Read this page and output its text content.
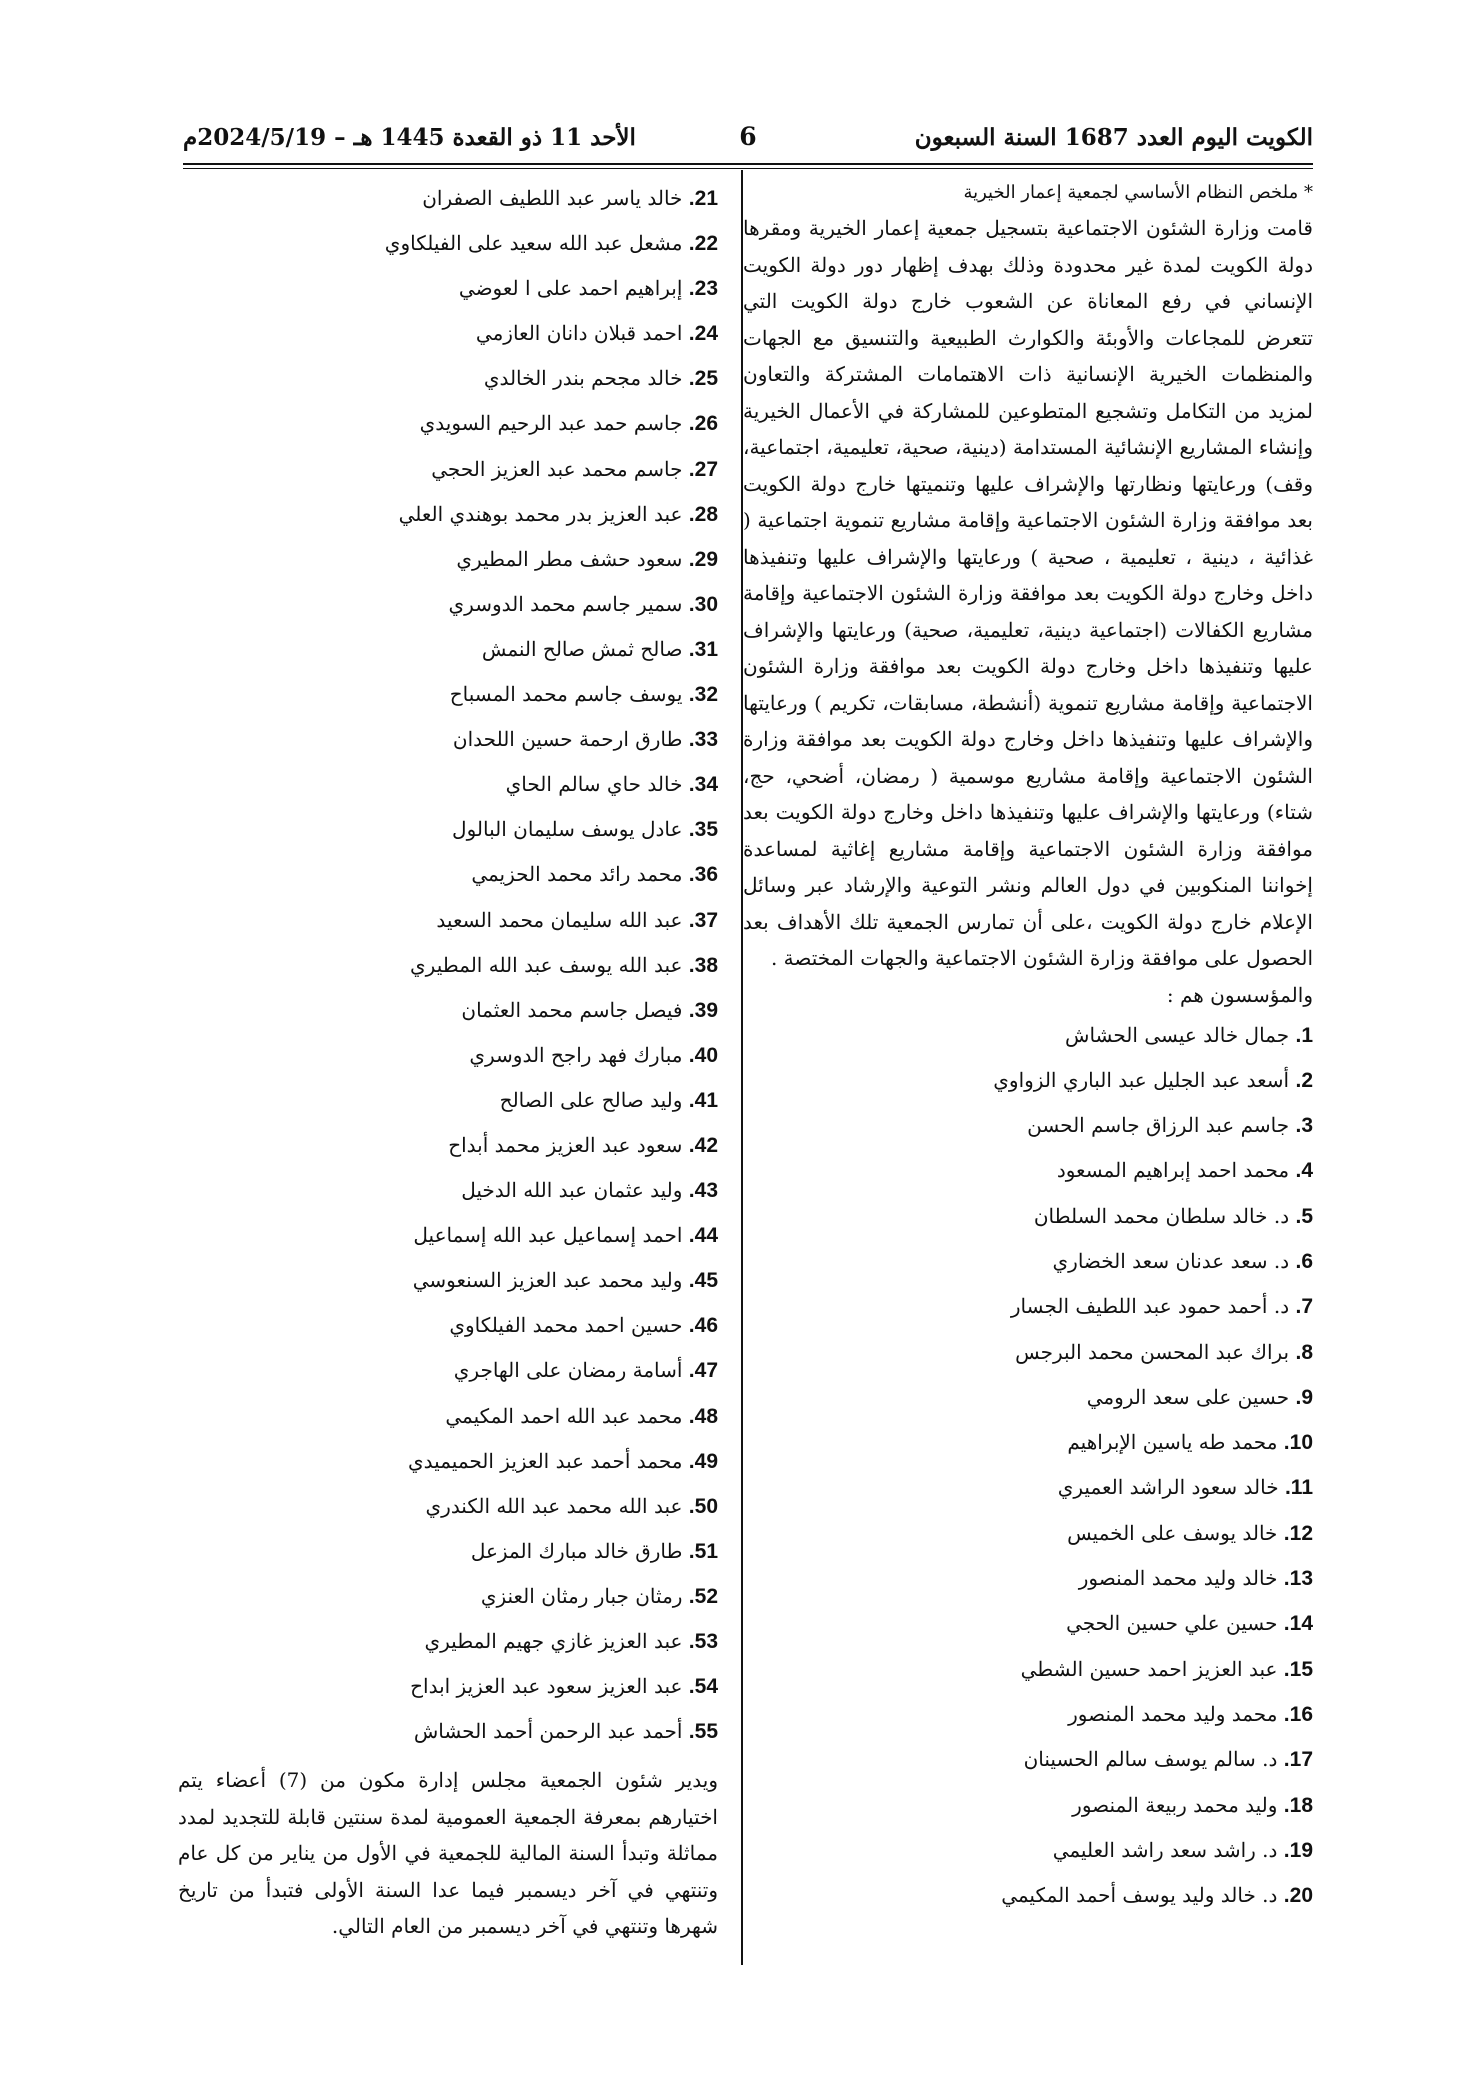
الكويت اليوم العدد 1687 السنة السبعون
6
الأحد 11 ذو القعدة 1445 هـ – 2024/5/19م

* ملخص النظام الأساسي لجمعية إعمار الخيرية

قامت وزارة الشئون الاجتماعية بتسجيل جمعية إعمار الخيرية ومقرها دولة الكويت لمدة غير محدودة وذلك بهدف إظهار دور دولة الكويت الإنساني في رفع المعاناة عن الشعوب خارج دولة الكويت التي تتعرض للمجاعات والأوبئة والكوارث الطبيعية والتنسيق مع الجهات والمنظمات الخيرية الإنسانية ذات الاهتمامات المشتركة والتعاون لمزيد من التكامل وتشجيع المتطوعين للمشاركة في الأعمال الخيرية وإنشاء المشاريع الإنشائية المستدامة (دينية، صحية، تعليمية، اجتماعية، وقف) ورعايتها ونظارتها والإشراف عليها وتنميتها خارج دولة الكويت بعد موافقة وزارة الشئون الاجتماعية وإقامة مشاريع تنموية اجتماعية ( غذائية ، دينية ، تعليمية ، صحية ) ورعايتها والإشراف عليها وتنفيذها داخل وخارج دولة الكويت بعد موافقة وزارة الشئون الاجتماعية وإقامة مشاريع الكفالات (اجتماعية دينية، تعليمية، صحية) ورعايتها والإشراف عليها وتنفيذها داخل وخارج دولة الكويت بعد موافقة وزارة الشئون الاجتماعية وإقامة مشاريع تنموية (أنشطة، مسابقات، تكريم ) ورعايتها والإشراف عليها وتنفيذها داخل وخارج دولة الكويت بعد موافقة وزارة الشئون الاجتماعية وإقامة مشاريع موسمية ( رمضان، أضحي، حج، شتاء) ورعايتها والإشراف عليها وتنفيذها داخل وخارج دولة الكويت بعد موافقة وزارة الشئون الاجتماعية وإقامة مشاريع إغاثية لمساعدة إخواننا المنكوبين في دول العالم ونشر التوعية والإرشاد عبر وسائل الإعلام خارج دولة الكويت ،على أن تمارس الجمعية تلك الأهداف بعد الحصول على موافقة وزارة الشئون الاجتماعية والجهات المختصة .

والمؤسسون هم :

1. جمال خالد عيسى الحشاش
2. أسعد عبد الجليل عبد الباري الزواوي
3. جاسم عبد الرزاق جاسم الحسن
4. محمد احمد إبراهيم المسعود
5. د. خالد سلطان محمد السلطان
6. د. سعد عدنان سعد الخضاري
7. د. أحمد حمود عبد اللطيف الجسار
8. براك عبد المحسن محمد البرجس
9. حسين على سعد الرومي
10. محمد طه ياسين الإبراهيم
11. خالد سعود الراشد العميري
12. خالد يوسف على الخميس
13. خالد وليد محمد المنصور
14. حسين علي حسين الحجي
15. عبد العزيز احمد حسين الشطي
16. محمد وليد محمد المنصور
17. د. سالم يوسف سالم الحسينان
18. وليد محمد ربيعة المنصور
19. د. راشد سعد راشد العليمي
20. د. خالد وليد يوسف أحمد المكيمي
21. خالد ياسر عبد اللطيف الصفران
22. مشعل عبد الله سعيد على الفيلكاوي
23. إبراهيم احمد على ا لعوضي
24. احمد قبلان دانان العازمي
25. خالد مجحم بندر الخالدي
26. جاسم حمد عبد الرحيم السويدي
27. جاسم محمد عبد العزيز الحجي
28. عبد العزيز بدر محمد بوهندي العلي
29. سعود حشف مطر المطيري
30. سمير جاسم محمد الدوسري
31. صالح ثمش صالح النمش
32. يوسف جاسم محمد المسباح
33. طارق ارحمة حسين اللحدان
34. خالد حاي سالم الحاي
35. عادل يوسف سليمان البالول
36. محمد رائد محمد الحزيمي
37. عبد الله سليمان محمد السعيد
38. عبد الله يوسف عبد الله المطيري
39. فيصل جاسم محمد العثمان
40. مبارك فهد راجح الدوسري
41. وليد صالح على الصالح
42. سعود عبد العزيز محمد أبداح
43. وليد عثمان عبد الله الدخيل
44. احمد إسماعيل عبد الله إسماعيل
45. وليد محمد عبد العزيز السنعوسي
46. حسين احمد محمد الفيلكاوي
47. أسامة رمضان على الهاجري
48. محمد عبد الله احمد المكيمي
49. محمد أحمد عبد العزيز الحميميدي
50. عبد الله محمد عبد الله الكندري
51. طارق خالد مبارك المزعل
52. رمثان جبار رمثان العنزي
53. عبد العزيز غازي جهيم المطيري
54. عبد العزيز سعود عبد العزيز ابداح
55. أحمد عبد الرحمن أحمد الحشاش

ويدير شئون الجمعية مجلس إدارة مكون من (7) أعضاء يتم اختيارهم بمعرفة الجمعية العمومية لمدة سنتين قابلة للتجديد لمدد مماثلة وتبدأ السنة المالية للجمعية في الأول من يناير من كل عام وتنتهي في آخر ديسمبر فيما عدا السنة الأولى فتبدأ من تاريخ شهرها وتنتهي في آخر ديسمبر من العام التالي.
